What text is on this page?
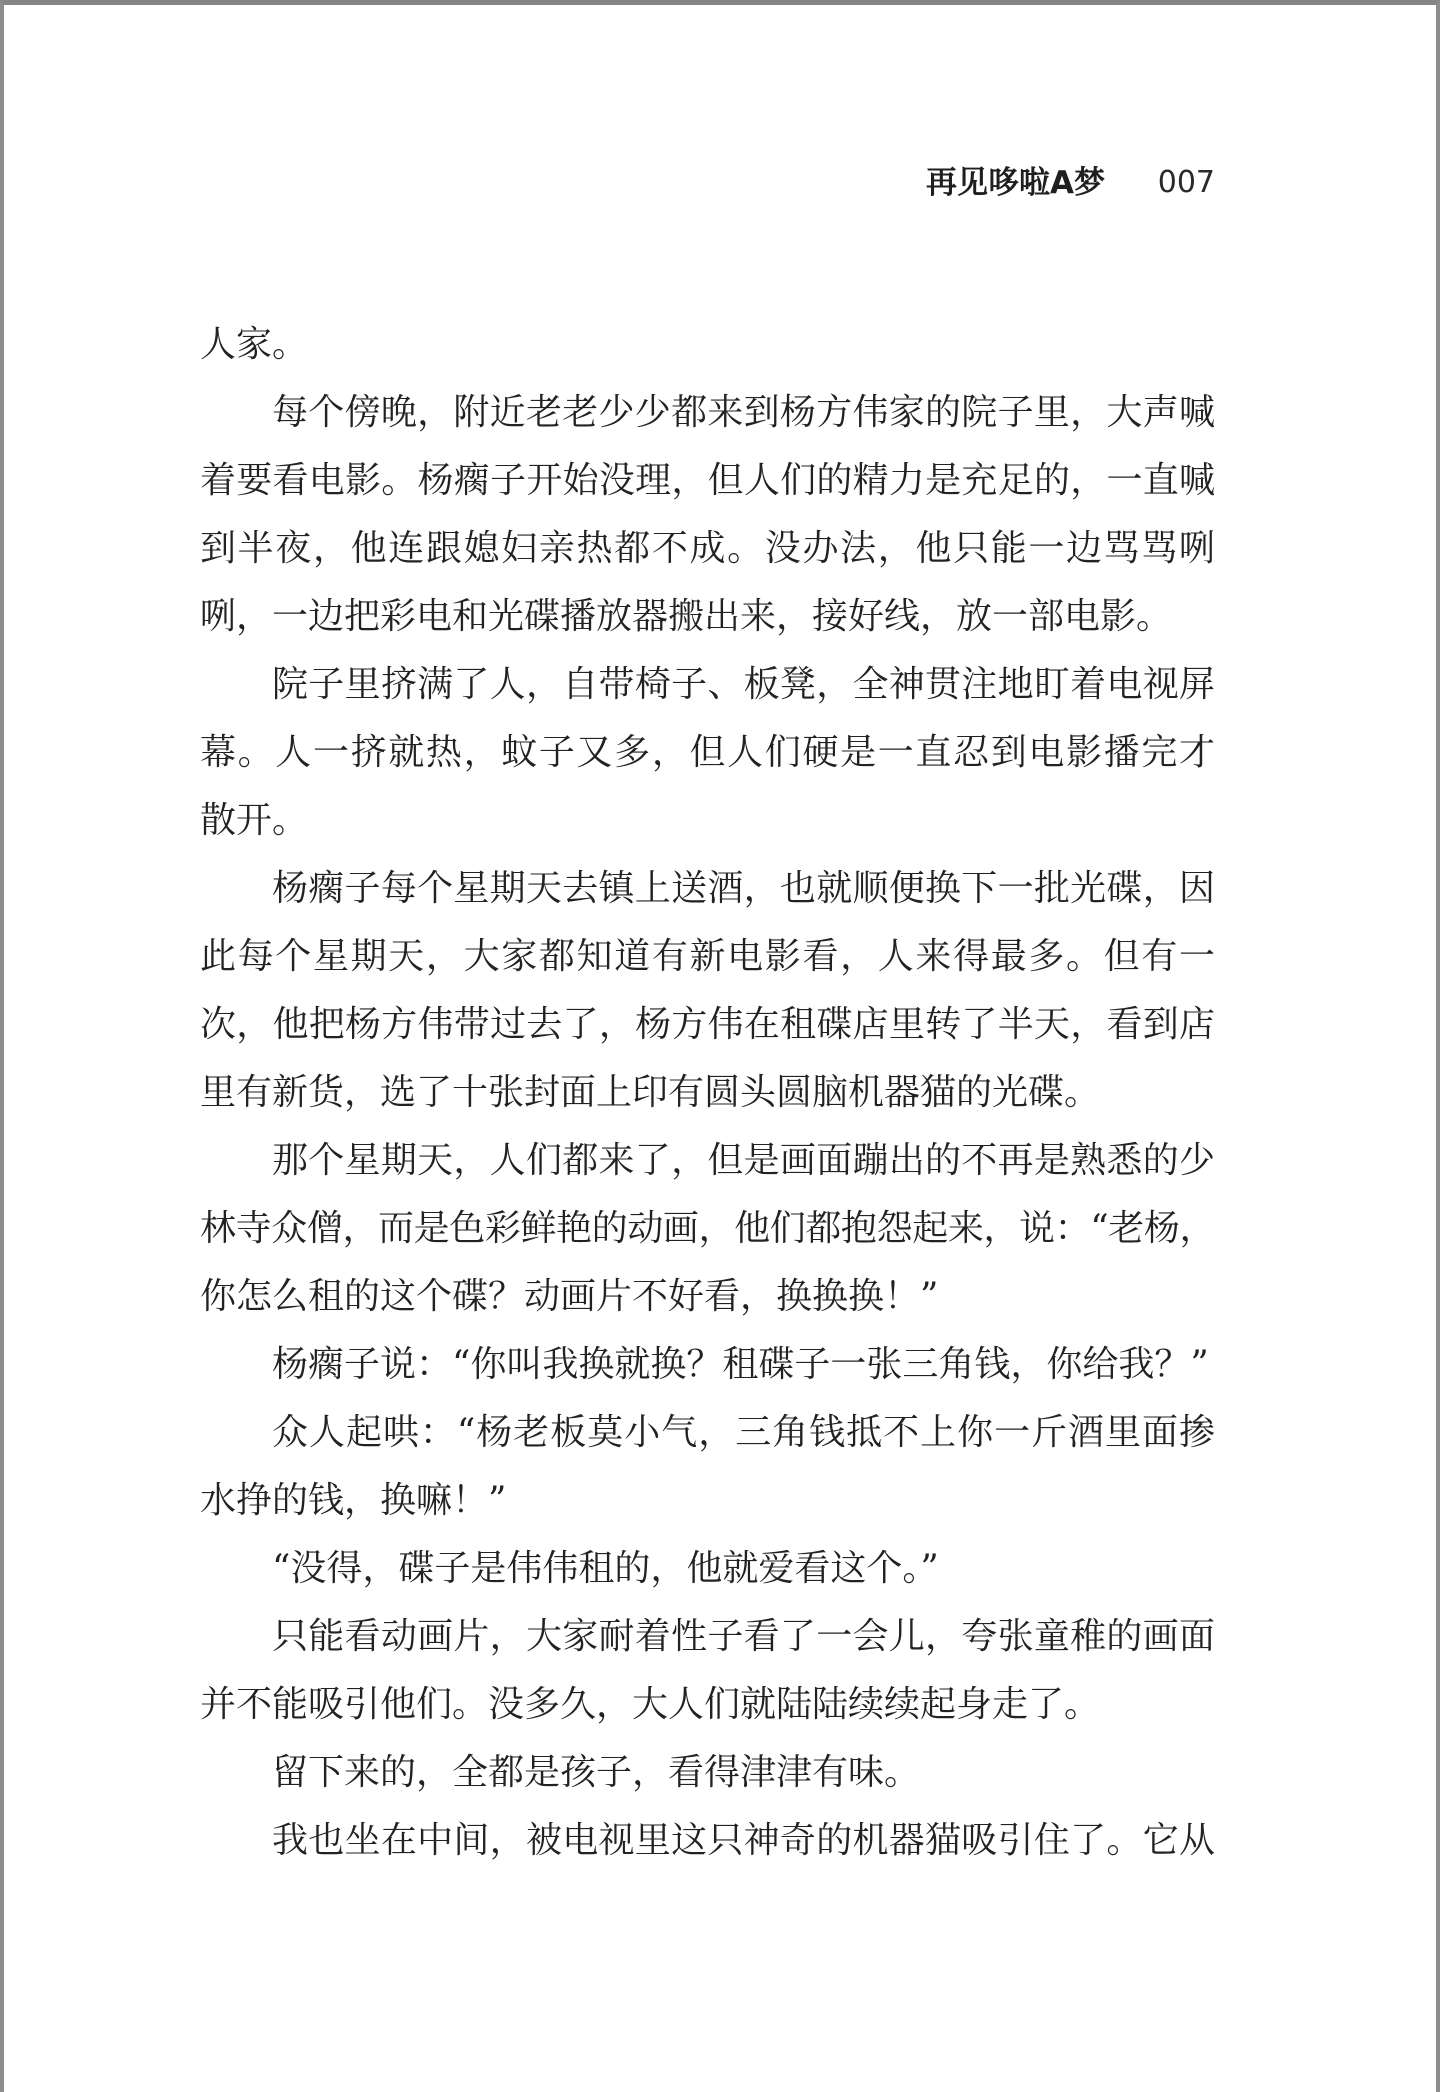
再见哆啦A梦 007
人家。
每个傍晚，附近老老少少都来到杨方伟家的院子里，大声喊
着要看电影。杨瘸子开始没理，但人们的精力是充足的，一直喊
到半夜，他连跟媳妇亲热都不成。没办法，他只能一边骂骂咧
咧，一边把彩电和光碟播放器搬出来，接好线，放一部电影。
院子里挤满了人，自带椅子、板凳，全神贯注地盯着电视屏
幕。人一挤就热，蚊子又多，但人们硬是一直忍到电影播完才
散开。
杨瘸子每个星期天去镇上送酒，也就顺便换下一批光碟，因
此每个星期天，大家都知道有新电影看，人来得最多。但有一
次，他把杨方伟带过去了，杨方伟在租碟店里转了半天，看到店
里有新货，选了十张封面上印有圆头圆脑机器猫的光碟。
那个星期天，人们都来了，但是画面蹦出的不再是熟悉的少
林寺众僧，而是色彩鲜艳的动画，他们都抱怨起来，说：“老杨，
你怎么租的这个碟？动画片不好看，换换换！”
杨瘸子说：“你叫我换就换？租碟子一张三角钱，你给我？”
众人起哄：“杨老板莫小气，三角钱抵不上你一斤酒里面掺
水挣的钱，换嘛！”
“没得，碟子是伟伟租的，他就爱看这个。”
只能看动画片，大家耐着性子看了一会儿，夸张童稚的画面
并不能吸引他们。没多久，大人们就陆陆续续起身走了。
留下来的，全都是孩子，看得津津有味。
我也坐在中间，被电视里这只神奇的机器猫吸引住了。它从
